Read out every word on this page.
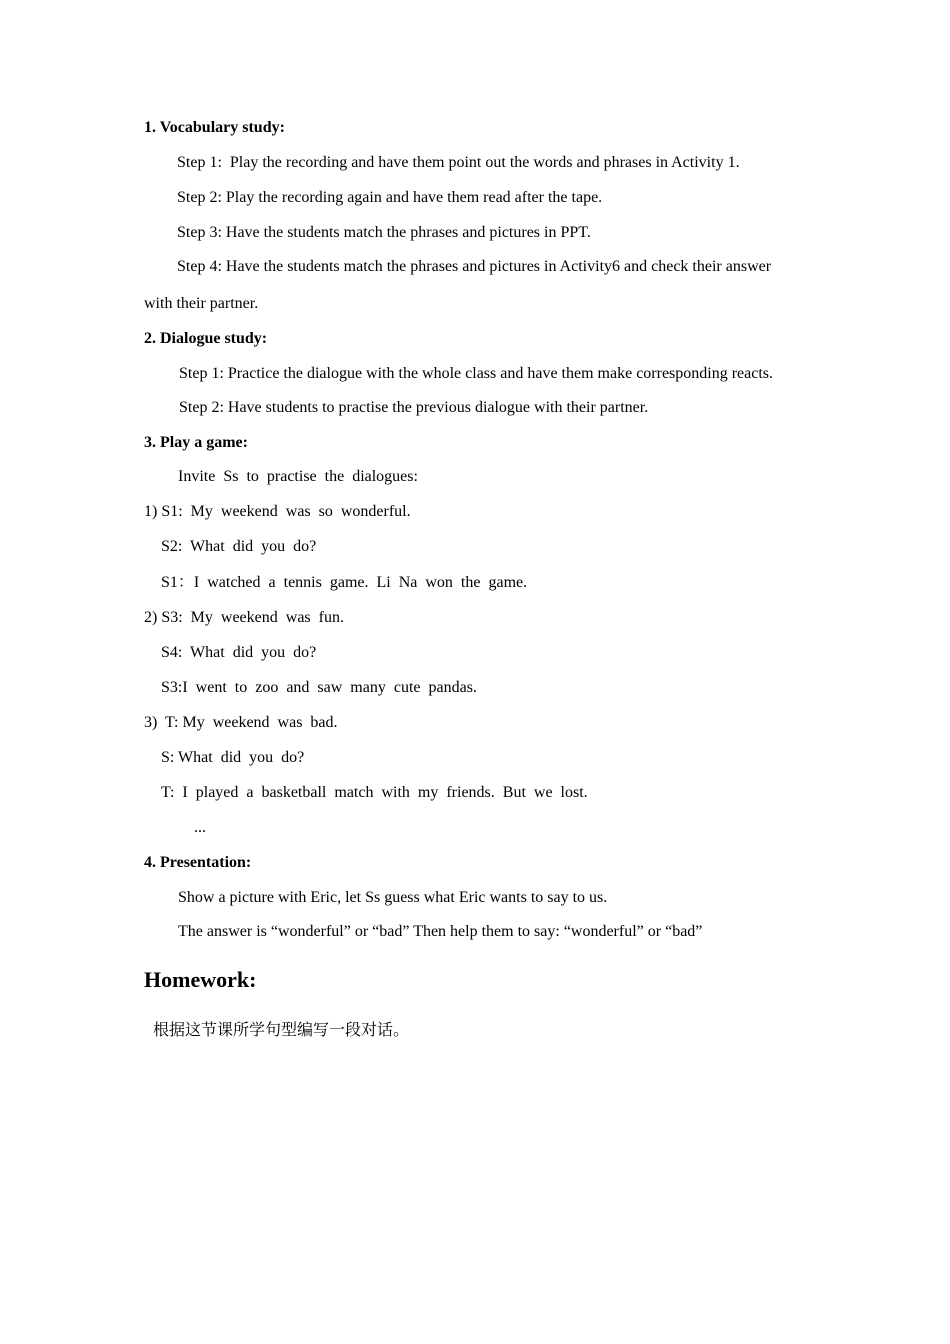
1. Vocabulary study:
Step 1:  Play the recording and have them point out the words and phrases in Activity 1.
Step 2: Play the recording again and have them read after the tape.
Step 3: Have the students match the phrases and pictures in PPT.
Step 4: Have the students match the phrases and pictures in Activity6 and check their answer
with their partner.
2. Dialogue study:
Step 1: Practice the dialogue with the whole class and have them make corresponding reacts.
Step 2: Have students to practise the previous dialogue with their partner.
3. Play a game:
Invite  Ss  to  practise  the  dialogues:
1) S1:  My  weekend  was  so  wonderful.
S2:  What  did  you  do?
S1：I  watched  a  tennis  game.  Li  Na  won  the  game.
2) S3:  My  weekend  was  fun.
S4:  What  did  you  do?
S3:I  went  to  zoo  and  saw  many  cute  pandas.
3)  T: My  weekend  was  bad.
S: What  did  you  do?
T:  I  played  a  basketball  match  with  my  friends.  But  we  lost.
...
4. Presentation:
Show a picture with Eric, let Ss guess what Eric wants to say to us.
The answer is “wonderful” or “bad” Then help them to say: “wonderful” or “bad”
Homework:
根据这节课所学句型编写一段对话。
